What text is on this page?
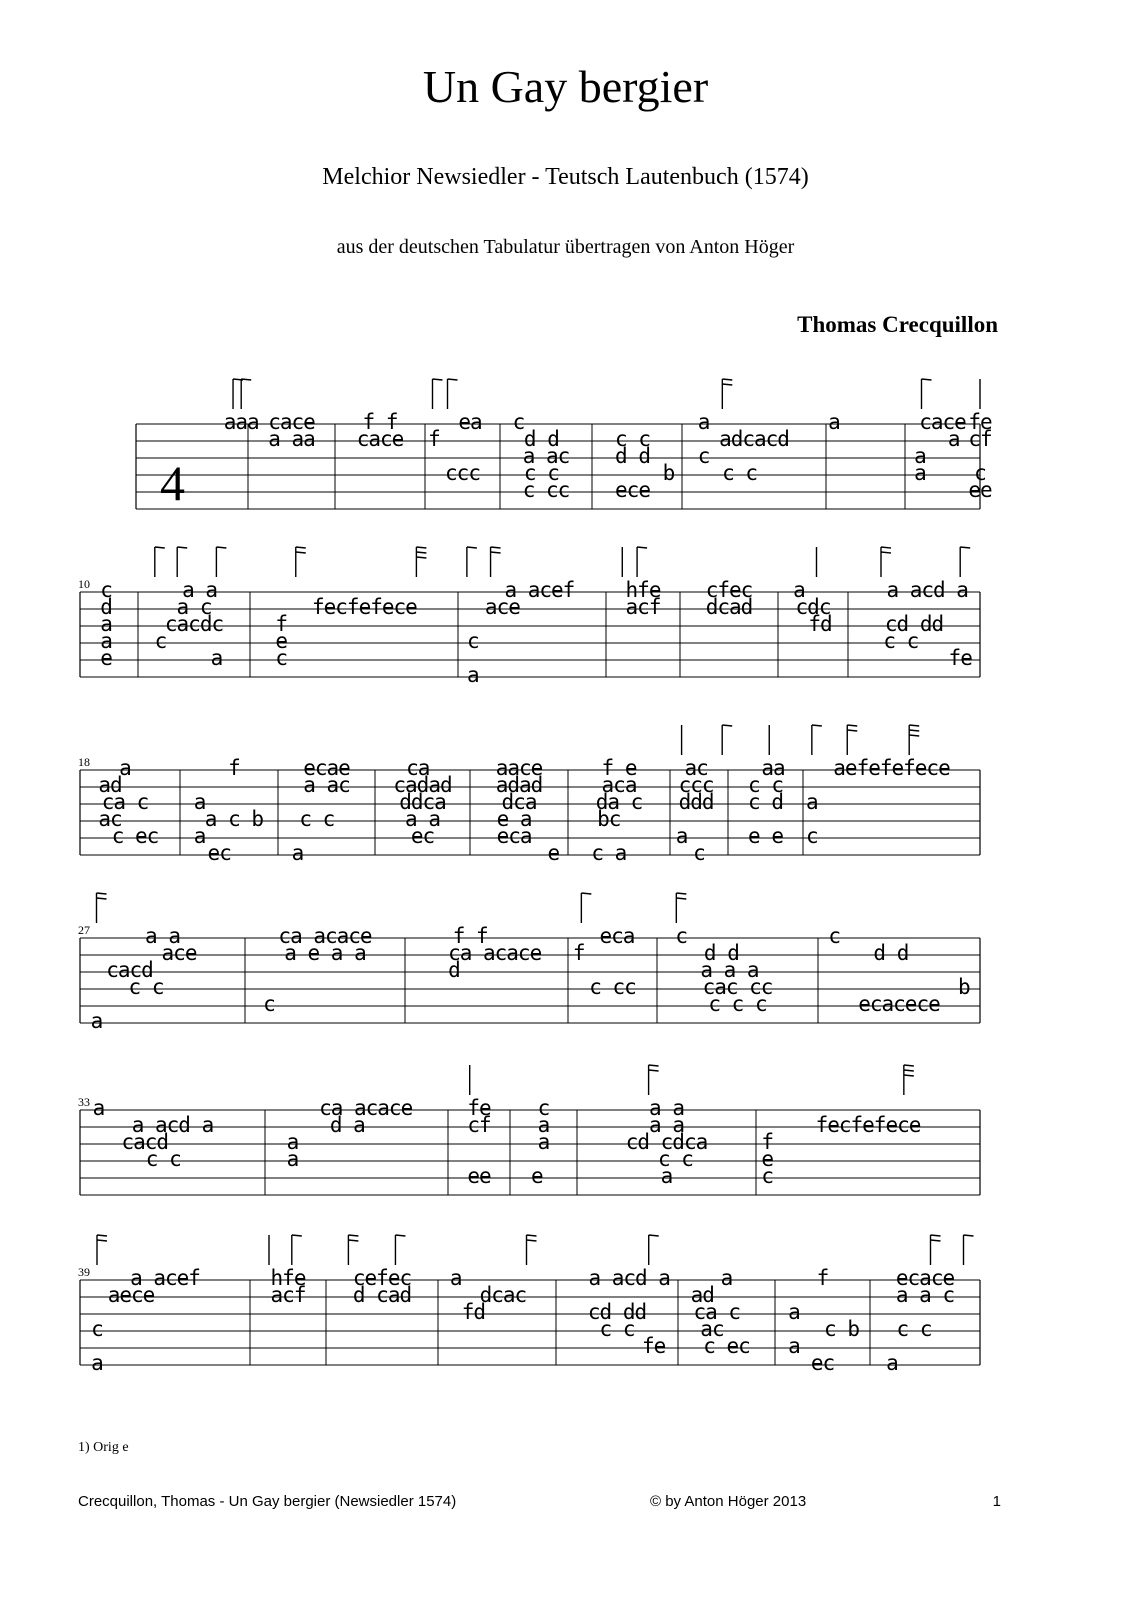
Un Gay bergier
Melchior Newsiedler - Teutsch Lautenbuch (1574)
aus der deutschen Tabulatur übertragen von Anton Höger
Thomas Crecquillon
4
aaa cace
a aa
f f
cace
ea
f
ccc
c
d d
a ac
c c
c cc
c c
d d
b
ece
a
adcacd
c
c c
a	cace
a
a
a
fe
cf
c
ee
10 c
d
a
a
e
a a
a c
cacdc
c
a
fecfefece
f
e
c
a acef
ace
c
a
hfe
acf
cfec
dcad
a
cdc
fd
a acd a
cd dd
c c
fe
18 a
ad
ca c
ac
c ec
f
a
a c b
a
ec
ecae
a ac
c c
a
ca
cadad
ddca
a a
ec
aace
adad
dca
e a
eca
e
f e
aca
da c
bc
c a
ac
ccc
ddd
a
c
aa
c c
c d
e e
aefefefece
a
c
27	a a
ace
cacd
c c
a
ca acace
a e a a
c
f f
ca acace
d
eca
f
c cc
c
d d
a a a
cac cc
c c c
c
d d
b
ecacece
33 a
a acd a
cacd
c c
ca acace
d a
a
a
fe
cf
ee
c
a
a
e
a a
a a
cd cdca
c c
a
fecfefece
f
e
c
39 a acef
aece
c
a
hfe
acf
cefec
d cad
a
dcac
fd
a acd a
cd dd
c c
fe
a
ad
ca c
ac
c ec
f
a
c b
a
ec
ecace
a a c
c c
a
1) Orig e
Crecquillon, Thomas - Un Gay bergier (Newsiedler 1574)	© by Anton Höger 2013	1
